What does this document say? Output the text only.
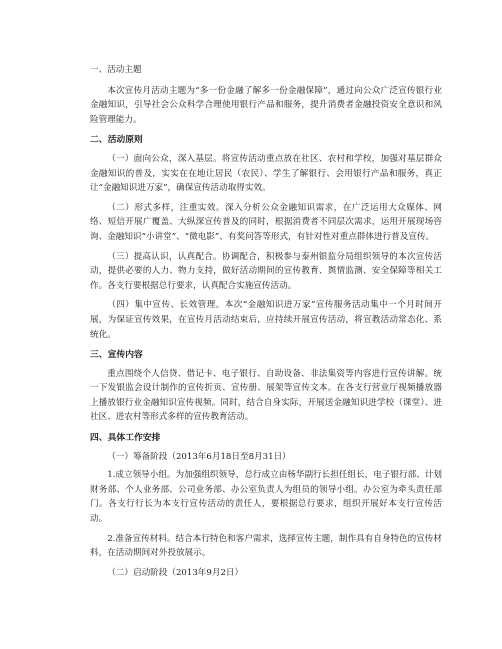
一、活动主题

本次宣传月活动主题为“多一份金融了解多一份金融保障”，通过向公众广泛宣传银行业金融知识，引导社会公众科学合理使用银行产品和服务，提升消费者金融投资安全意识和风险管理能力。

二、活动原则

（一）面向公众，深入基层。将宣传活动重点放在社区、农村和学校，加强对基层群众金融知识的普及，实实在在地让居民（农民）、学生了解银行、会用银行产品和服务，真正让“金融知识进万家”，确保宣传活动取得实效。

（二）形式多样，注重实效。深入分析公众金融知识需求，在广泛运用大众媒体、网络、短信开展广覆盖、大纵深宣传普及的同时，根据消费者不同层次需求，运用开展现场咨询、金融知识“小讲堂”、“微电影”、有奖问答等形式，有针对性对重点群体进行普及宣传。

（三）提高认识，认真配合。协调配合，积极参与泰州银监分局组织领导的本次宣传活动，提供必要的人力、物力支持，做好活动期间的宣传教育、舆情监测、安全保障等相关工作。各支行要根据总行要求，认真配合实施宣传活动。

（四）集中宣传、长效管理。本次“金融知识进万家”宣传服务活动集中一个月时间开展，为保证宣传效果，在宣传月活动结束后，应持续开展宣传活动，将宣教活动常态化、系统化。

三、宣传内容

重点围绕个人信贷、借记卡、电子银行、自助设备、非法集资等内容进行宣传讲解。统一下发银监会设计制作的宣传折页、宣传册、展架等宣传文本。在各支行营业厅视频播放器上播放银行业金融知识宣传视频。同时，结合自身实际，开展送金融知识进学校（课堂）、进社区、进农村等形式多样的宣传教育活动。

四、具体工作安排

（一）筹备阶段（2013年6月18日至8月31日）

1.成立领导小组。为加强组织领导，总行成立由杨华副行长担任组长，电子银行部、计划财务部、个人业务部、公司业务部、办公室负责人为组员的领导小组。办公室为牵头责任部门。各支行行长为本支行宣传活动的责任人，要根据总行要求，组织开展好本支行宣传活动。

2.准备宣传材料。结合本行特色和客户需求，选择宣传主题，制作具有自身特色的宣传材料，在活动期间对外投放展示。

（二）启动阶段（2013年9月2日）
